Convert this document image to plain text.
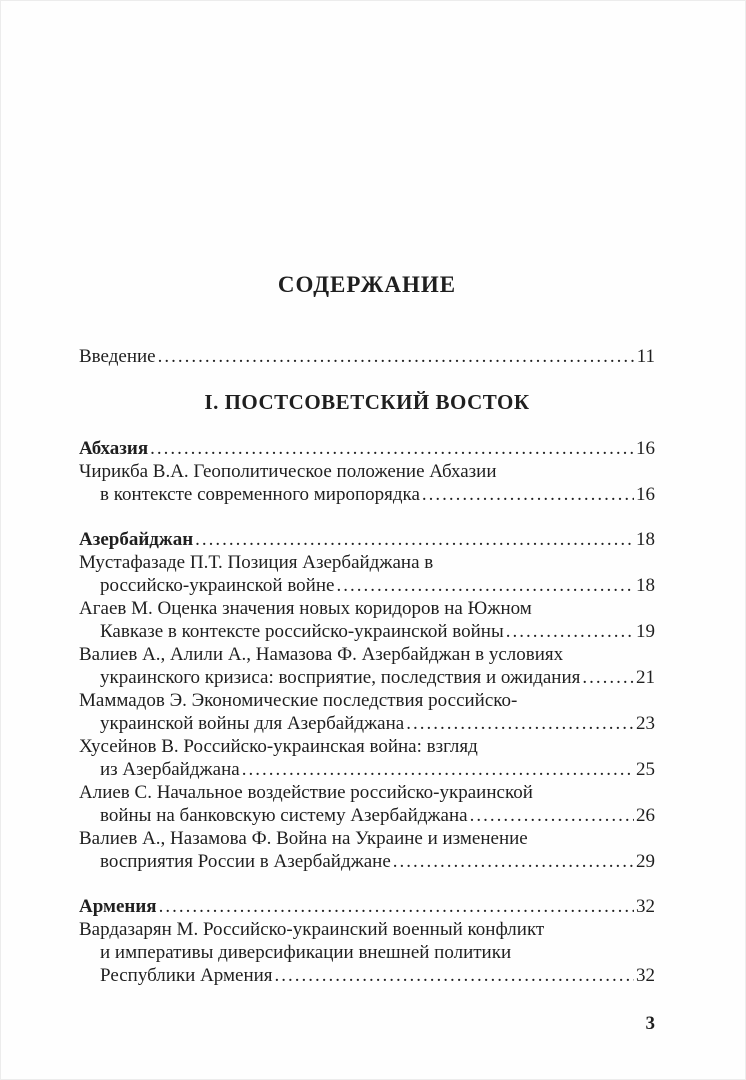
СОДЕРЖАНИЕ
Введение .....	11
I. ПОСТСОВЕТСКИЙ ВОСТОК
Абхазия .....	16
Чирикба В.А. Геополитическое положение Абхазии
в контексте современного миропорядка .....	16
Азербайджан .....	18
Мустафазаде П.Т. Позиция Азербайджана в
российско-украинской войне .....	18
Агаев М. Оценка значения новых коридоров на Южном
Кавказе в контексте российско-украинской войны .....	19
Валиев А., Алили А., Намазова Ф. Азербайджан в условиях
украинского кризиса: восприятие, последствия и ожидания .....	21
Маммадов Э. Экономические последствия российско-
украинской войны для Азербайджана .....	23
Хусейнов В. Российско-украинская война: взгляд
из Азербайджана .....	25
Алиев С. Начальное воздействие российско-украинской
войны на банковскую систему Азербайджана .....	26
Валиев А., Назамова Ф. Война на Украине и изменение
восприятия России в Азербайджане .....	29
Армения .....	32
Вардазарян М. Российско-украинский военный конфликт
и императивы диверсификации внешней политики
Республики Армения .....	32
3
